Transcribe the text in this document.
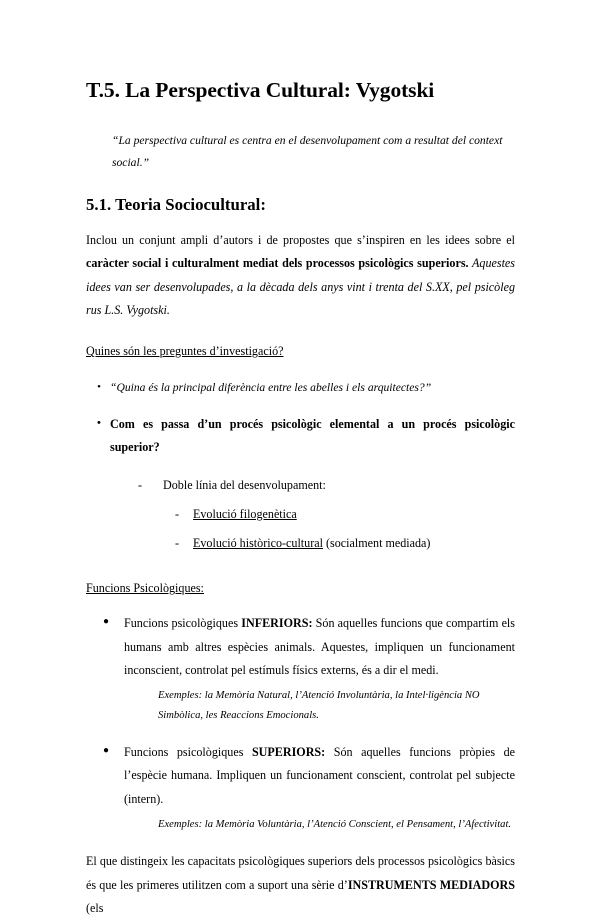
T.5. La Perspectiva Cultural: Vygotski

“La perspectiva cultural es centra en el desenvolupament com a resultat del context social.”

5.1. Teoria Sociocultural:

Inclou un conjunt ampli d’autors i de propostes que s’inspiren en les idees sobre el caràcter social i culturalment mediat dels processos psicològics superiors. Aquestes idees van ser desenvolupades, a la dècada dels anys vint i trenta del S.XX, pel psicòleg rus L.S. Vygotski.

Quines són les preguntes d’investigació?

• “Quina és la principal diferència entre les abelles i els arquitectes?”

• Com es passa d’un procés psicològic elemental a un procés psicològic superior?

- Doble línia del desenvolupament:

- Evolució filogenètica

- Evolució històrico-cultural (socialment mediada)

Funcions Psicològiques:

● Funcions psicològiques INFERIORS: Són aquelles funcions que compartim els humans amb altres espècies animals. Aquestes, impliquen un funcionament inconscient, controlat pel estímuls físics externs, és a dir el medi.

Exemples: la Memòria Natural, l’Atenció Involuntària, la Intel·ligència NO Simbòlica, les Reaccions Emocionals.

● Funcions psicològiques SUPERIORS: Són aquelles funcions pròpies de l’espècie humana. Impliquen un funcionament conscient, controlat pel subjecte (intern).

Exemples: la Memòria Voluntària, l’Atenció Conscient, el Pensament, l’Afectivitat.

El que distingeix les capacitats psicològiques superiors dels processos psicològics bàsics és que les primeres utilitzen com a suport una sèrie d’INSTRUMENTS MEDIADORS (els
